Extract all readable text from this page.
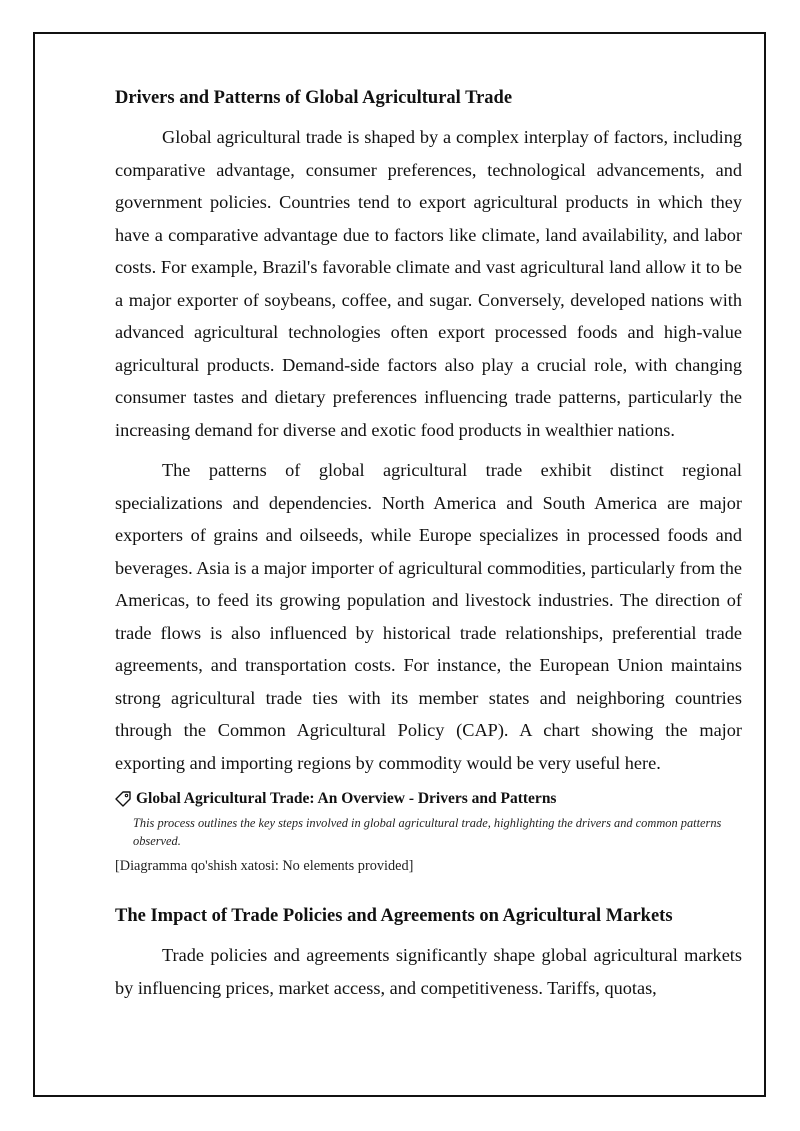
Drivers and Patterns of Global Agricultural Trade

Global agricultural trade is shaped by a complex interplay of factors, including comparative advantage, consumer preferences, technological advancements, and government policies. Countries tend to export agricultural products in which they have a comparative advantage due to factors like climate, land availability, and labor costs. For example, Brazil's favorable climate and vast agricultural land allow it to be a major exporter of soybeans, coffee, and sugar. Conversely, developed nations with advanced agricultural technologies often export processed foods and high-value agricultural products. Demand-side factors also play a crucial role, with changing consumer tastes and dietary preferences influencing trade patterns, particularly the increasing demand for diverse and exotic food products in wealthier nations.

The patterns of global agricultural trade exhibit distinct regional specializations and dependencies. North America and South America are major exporters of grains and oilseeds, while Europe specializes in processed foods and beverages. Asia is a major importer of agricultural commodities, particularly from the Americas, to feed its growing population and livestock industries. The direction of trade flows is also influenced by historical trade relationships, preferential trade agreements, and transportation costs. For instance, the European Union maintains strong agricultural trade ties with its member states and neighboring countries through the Common Agricultural Policy (CAP). A chart showing the major exporting and importing regions by commodity would be very useful here.

Global Agricultural Trade: An Overview - Drivers and Patterns
This process outlines the key steps involved in global agricultural trade, highlighting the drivers and common patterns observed.
[Diagramma qo'shish xatosi: No elements provided]
The Impact of Trade Policies and Agreements on Agricultural Markets

Trade policies and agreements significantly shape global agricultural markets by influencing prices, market access, and competitiveness. Tariffs, quotas,
